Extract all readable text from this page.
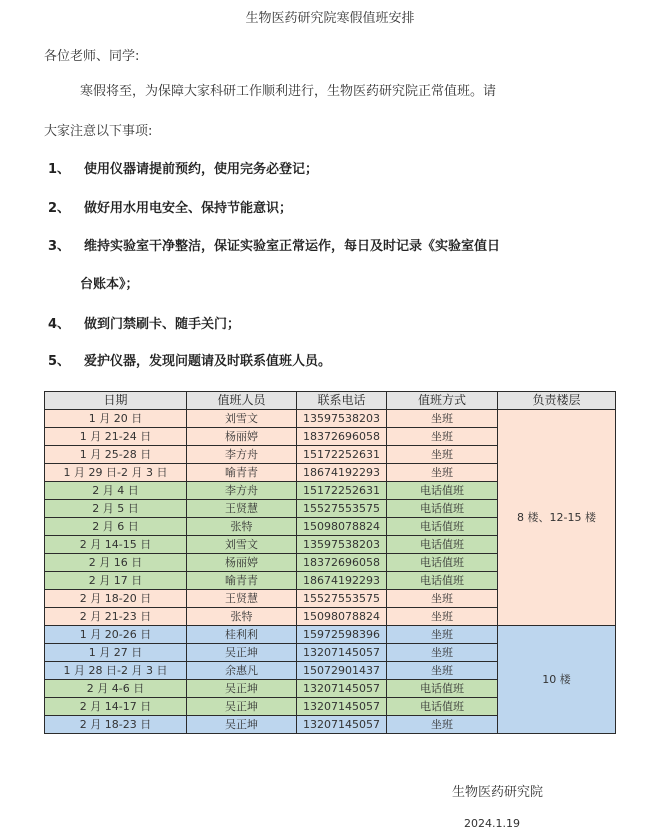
生物医药研究院寒假值班安排
各位老师、同学:
寒假将至，为保障大家科研工作顺利进行，生物医药研究院正常值班。请
大家注意以下事项:
1、 使用仪器请提前预约，使用完务必登记；
2、 做好用水用电安全、保持节能意识；
3、 维持实验室干净整洁，保证实验室正常运作，每日及时记录《实验室值日
台账本》；
4、 做到门禁刷卡、随手关门；
5、 爱护仪器，发现问题请及时联系值班人员。
日期	值班人员	联系电话	值班方式	负责楼层
1 月 20 日	刘雪文	13597538203	坐班	8 楼、12-15 楼
1 月 21-24 日	杨丽婷	18372696058	坐班	
1 月 25-28 日	李方舟	15172252631	坐班	
1 月 29 日-2 月 3 日	喻青青	18674192293	坐班	
2 月 4 日	李方舟	15172252631	电话值班	
2 月 5 日	王贤慧	15527553575	电话值班	
2 月 6 日	张特	15098078824	电话值班	
2 月 14-15 日	刘雪文	13597538203	电话值班	
2 月 16 日	杨丽婷	18372696058	电话值班	
2 月 17 日	喻青青	18674192293	电话值班	
2 月 18-20 日	王贤慧	15527553575	坐班	
2 月 21-23 日	张特	15098078824	坐班	
1 月 20-26 日	桂利利	15972598396	坐班	10 楼
1 月 27 日	吴正坤	13207145057	坐班	
1 月 28 日-2 月 3 日	余惠凡	15072901437	坐班	
2 月 4-6 日	吴正坤	13207145057	电话值班	
2 月 14-17 日	吴正坤	13207145057	电话值班	
2 月 18-23 日	吴正坤	13207145057	坐班	
生物医药研究院
2024.1.19
